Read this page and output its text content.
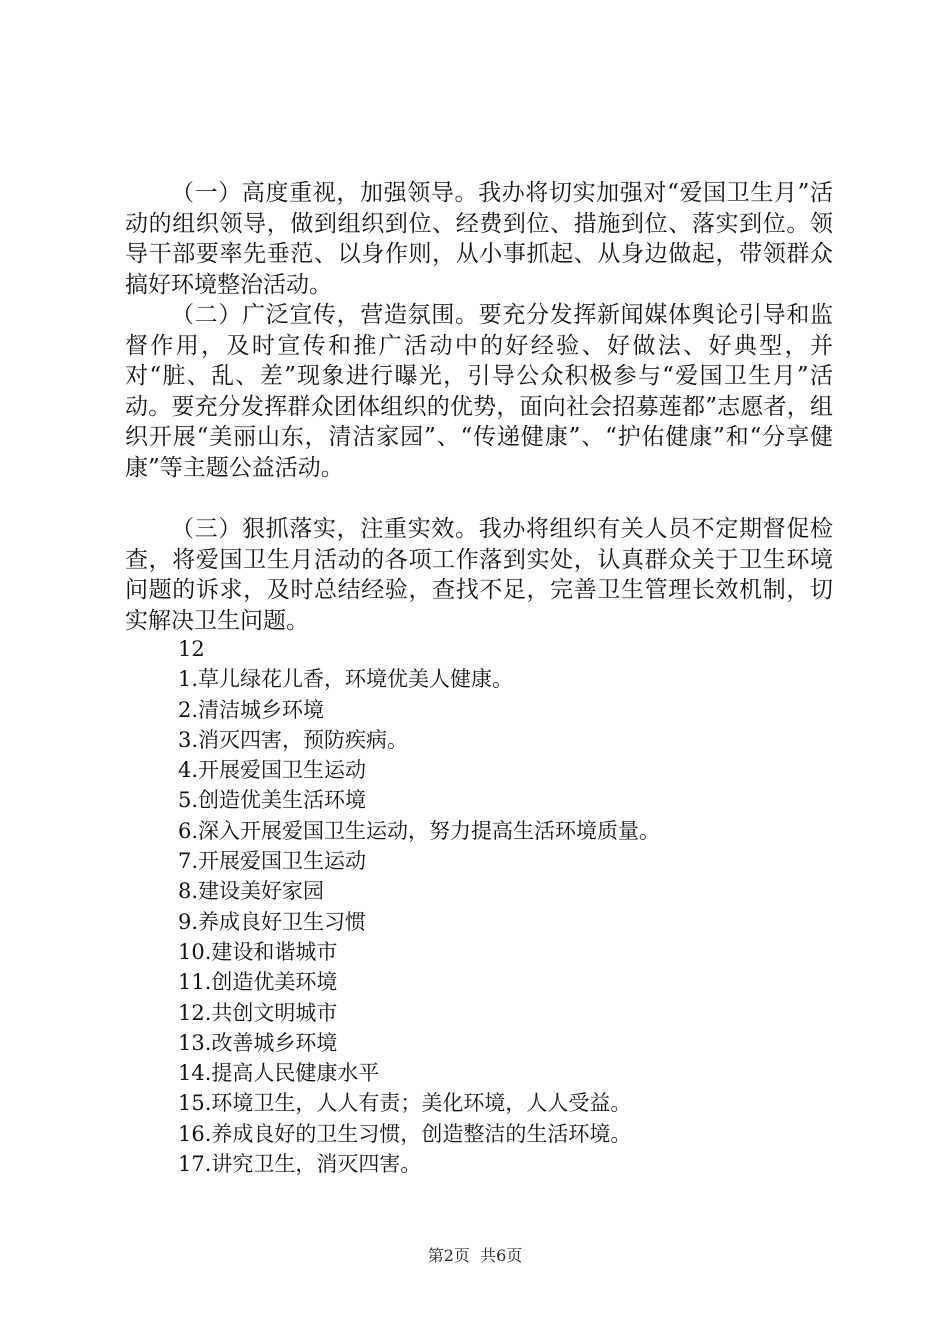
（一）高度重视，加强领导。我办将切实加强对“爱国卫生月”活动的组织领导，做到组织到位、经费到位、措施到位、落实到位。领导干部要率先垂范、以身作则，从小事抓起、从身边做起，带领群众搞好环境整治活动。

（二）广泛宣传，营造氛围。要充分发挥新闻媒体舆论引导和监督作用，及时宣传和推广活动中的好经验、好做法、好典型，并对“脏、乱、差”现象进行曝光，引导公众积极参与“爱国卫生月”活动。要充分发挥群众团体组织的优势，面向社会招募莲都”志愿者，组织开展“美丽山东，清洁家园”、“传递健康”、“护佑健康”和“分享健康”等主题公益活动。

（三）狠抓落实，注重实效。我办将组织有关人员不定期督促检查，将爱国卫生月活动的各项工作落到实处，认真群众关于卫生环境问题的诉求，及时总结经验，查找不足，完善卫生管理长效机制，切实解决卫生问题。

12
1.草儿绿花儿香，环境优美人健康。
2.清洁城乡环境
3.消灭四害，预防疾病。
4.开展爱国卫生运动
5.创造优美生活环境
6.深入开展爱国卫生运动，努力提高生活环境质量。
7.开展爱国卫生运动
8.建设美好家园
9.养成良好卫生习惯
10.建设和谐城市
11.创造优美环境
12.共创文明城市
13.改善城乡环境
14.提高人民健康水平
15.环境卫生，人人有责；美化环境，人人受益。
16.养成良好的卫生习惯，创造整洁的生活环境。
17.讲究卫生，消灭四害。
第2页  共6页
